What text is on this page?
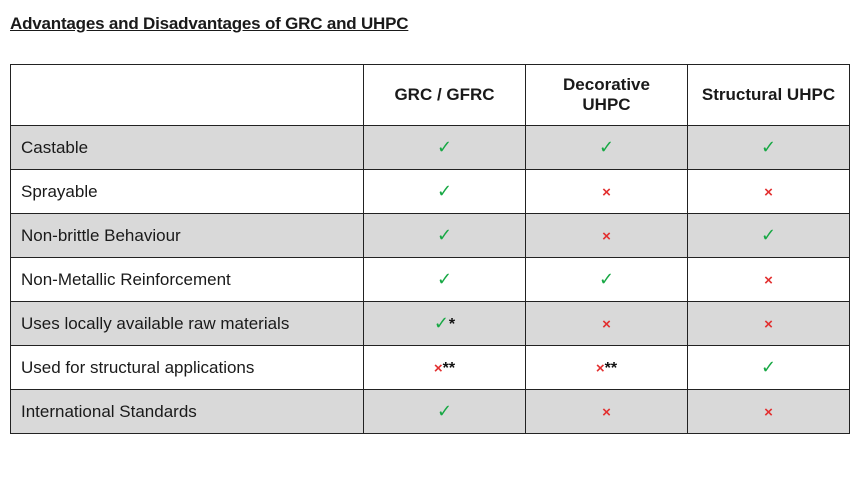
Advantages and Disadvantages of GRC and UHPC
	GRC / GFRC	Decorative UHPC	Structural UHPC
Castable	✓	✓	✓
Sprayable	✓	×	×
Non-brittle Behaviour	✓	×	✓
Non-Metallic Reinforcement	✓	✓	×
Uses locally available raw materials	✓*	×	×
Used for structural applications	×**	×**	✓
International Standards	✓	×	×
